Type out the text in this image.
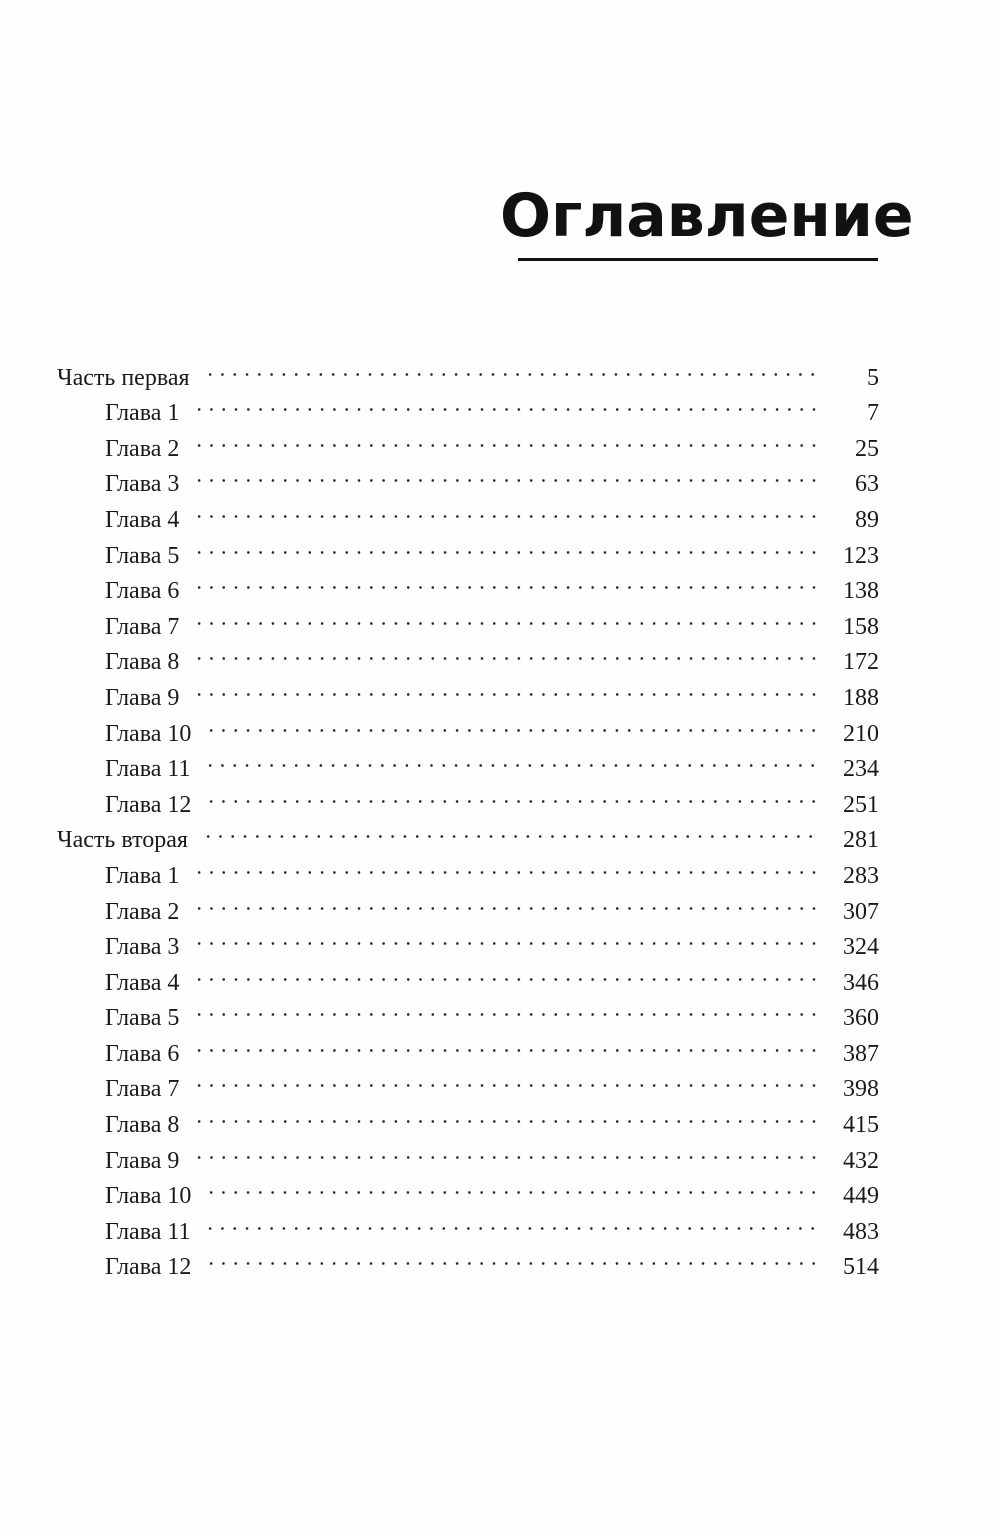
Оглавление
Часть первая	5
Глава 1	7
Глава 2	25
Глава 3	63
Глава 4	89
Глава 5	123
Глава 6	138
Глава 7	158
Глава 8	172
Глава 9	188
Глава 10	210
Глава 11	234
Глава 12	251
Часть вторая	281
Глава 1	283
Глава 2	307
Глава 3	324
Глава 4	346
Глава 5	360
Глава 6	387
Глава 7	398
Глава 8	415
Глава 9	432
Глава 10	449
Глава 11	483
Глава 12	514
